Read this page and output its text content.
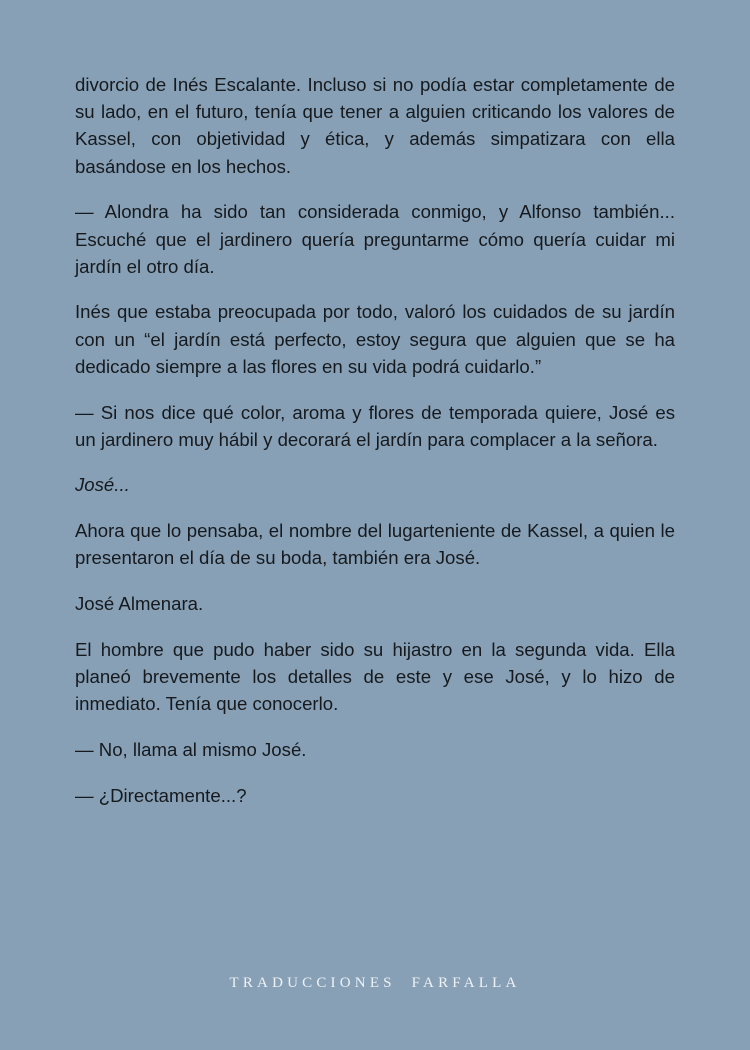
divorcio de Inés Escalante. Incluso si no podía estar completamente de su lado, en el futuro, tenía que tener a alguien criticando los valores de Kassel, con objetividad y ética, y además simpatizara con ella basándose en los hechos.

— Alondra ha sido tan considerada conmigo, y Alfonso también... Escuché que el jardinero quería preguntarme cómo quería cuidar mi jardín el otro día.

Inés que estaba preocupada por todo, valoró los cuidados de su jardín con un “el jardín está perfecto, estoy segura que alguien que se ha dedicado siempre a las flores en su vida podrá cuidarlo.”

— Si nos dice qué color, aroma y flores de temporada quiere, José es un jardinero muy hábil y decorará el jardín para complacer a la señora.

José...

Ahora que lo pensaba, el nombre del lugarteniente de Kassel, a quien le presentaron el día de su boda, también era José.

José Almenara.

El hombre que pudo haber sido su hijastro en la segunda vida. Ella planeó brevemente los detalles de este y ese José, y lo hizo de inmediato. Tenía que conocerlo.

— No, llama al mismo José.

— ¿Directamente...?

TRADUCCIONES  FARFALLA
